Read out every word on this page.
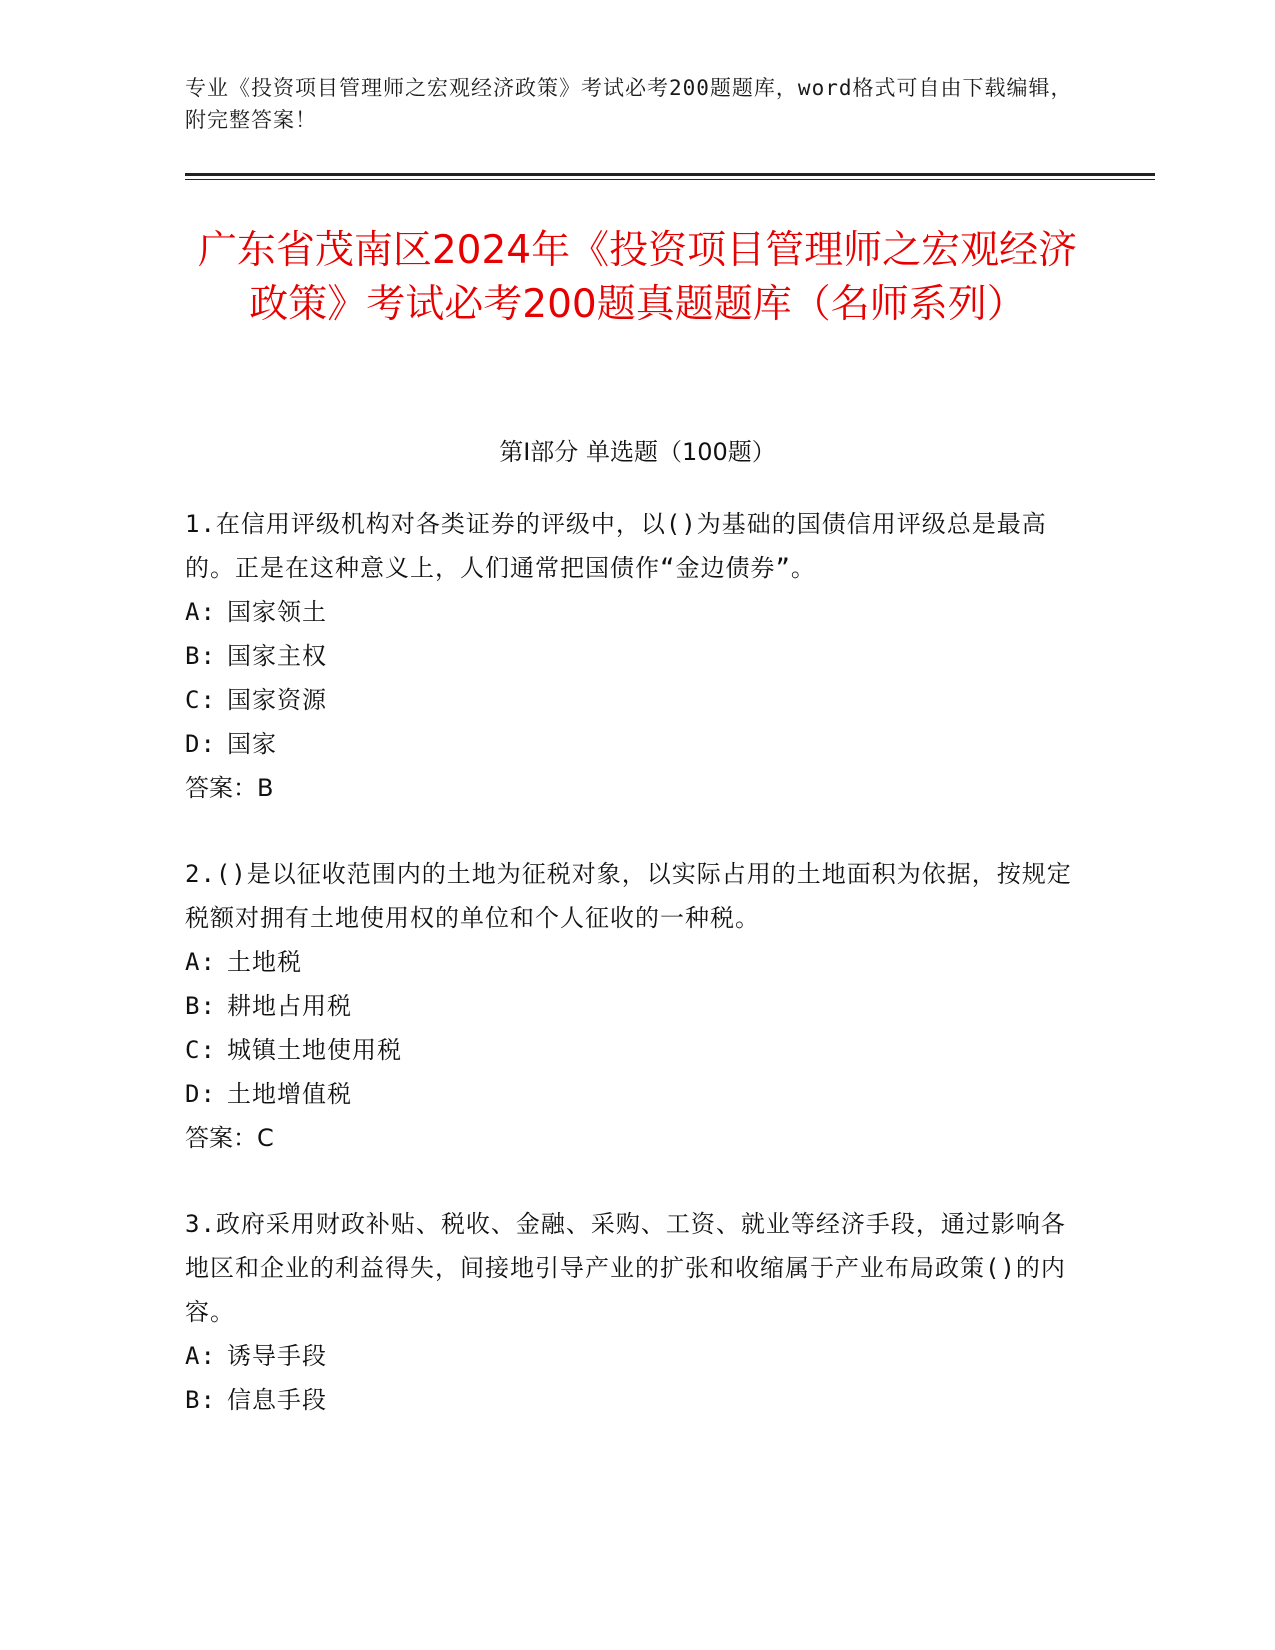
专业《投资项目管理师之宏观经济政策》考试必考200题题库，word格式可自由下载编辑，附完整答案！
广东省茂南区2024年《投资项目管理师之宏观经济政策》考试必考200题真题题库（名师系列）
第I部分 单选题（100题）

1.在信用评级机构对各类证券的评级中，以()为基础的国债信用评级总是最高的。正是在这种意义上，人们通常把国债作“金边债券”。

A: 国家领土

B: 国家主权

C: 国家资源

D: 国家

答案：B

2.()是以征收范围内的土地为征税对象，以实际占用的土地面积为依据，按规定税额对拥有土地使用权的单位和个人征收的一种税。

A: 土地税

B: 耕地占用税

C: 城镇土地使用税

D: 土地增值税

答案：C

3.政府采用财政补贴、税收、金融、采购、工资、就业等经济手段，通过影响各地区和企业的利益得失，间接地引导产业的扩张和收缩属于产业布局政策()的内容。

A: 诱导手段

B: 信息手段
